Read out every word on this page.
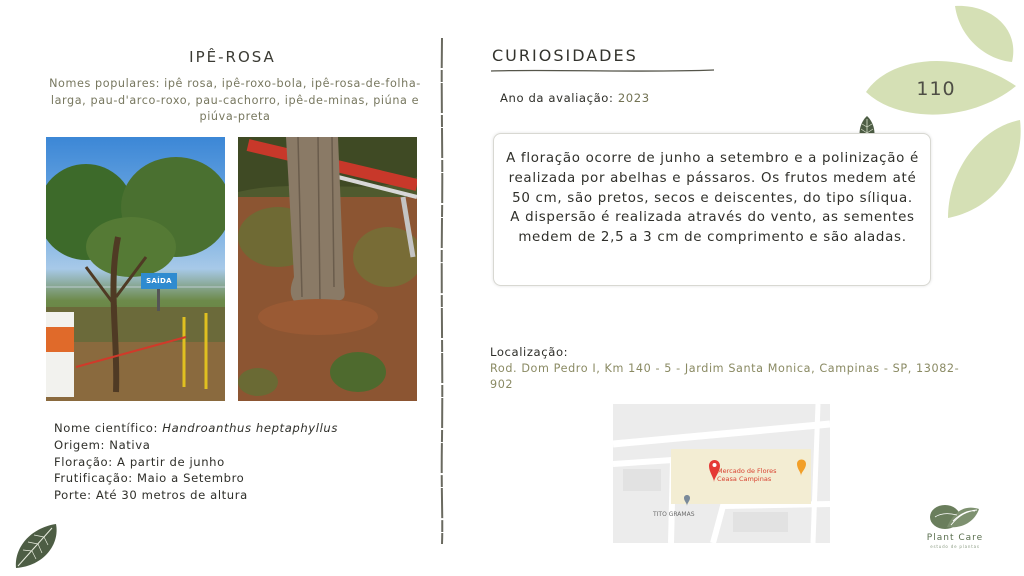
110
IPÊ-ROSA
Nomes populares: ipê rosa, ipê-roxo-bola, ipê-rosa-de-folha-larga, pau-d'arco-roxo, pau-cachorro, ipê-de-minas, piúna e piúva-preta
SAÍDA
Nome científico: Handroanthus heptaphyllus
Origem: Nativa
Floração: A partir de junho
Frutificação: Maio a Setembro
Porte: Até 30 metros de altura
CURIOSIDADES
Ano da avaliação: 2023
A floração ocorre de junho a setembro e a polinização é realizada por abelhas e pássaros. Os frutos medem até 50 cm, são pretos, secos e deiscentes, do tipo síliqua. A dispersão é realizada através do vento, as sementes medem de 2,5 a 3 cm de comprimento e são aladas.
Localização:
Rod. Dom Pedro I, Km 140 - 5 - Jardim Santa Monica, Campinas - SP, 13082-902
Mercado de Flores
Ceasa Campinas
TITO GRAMAS
Plant Care
estudo de plantas
